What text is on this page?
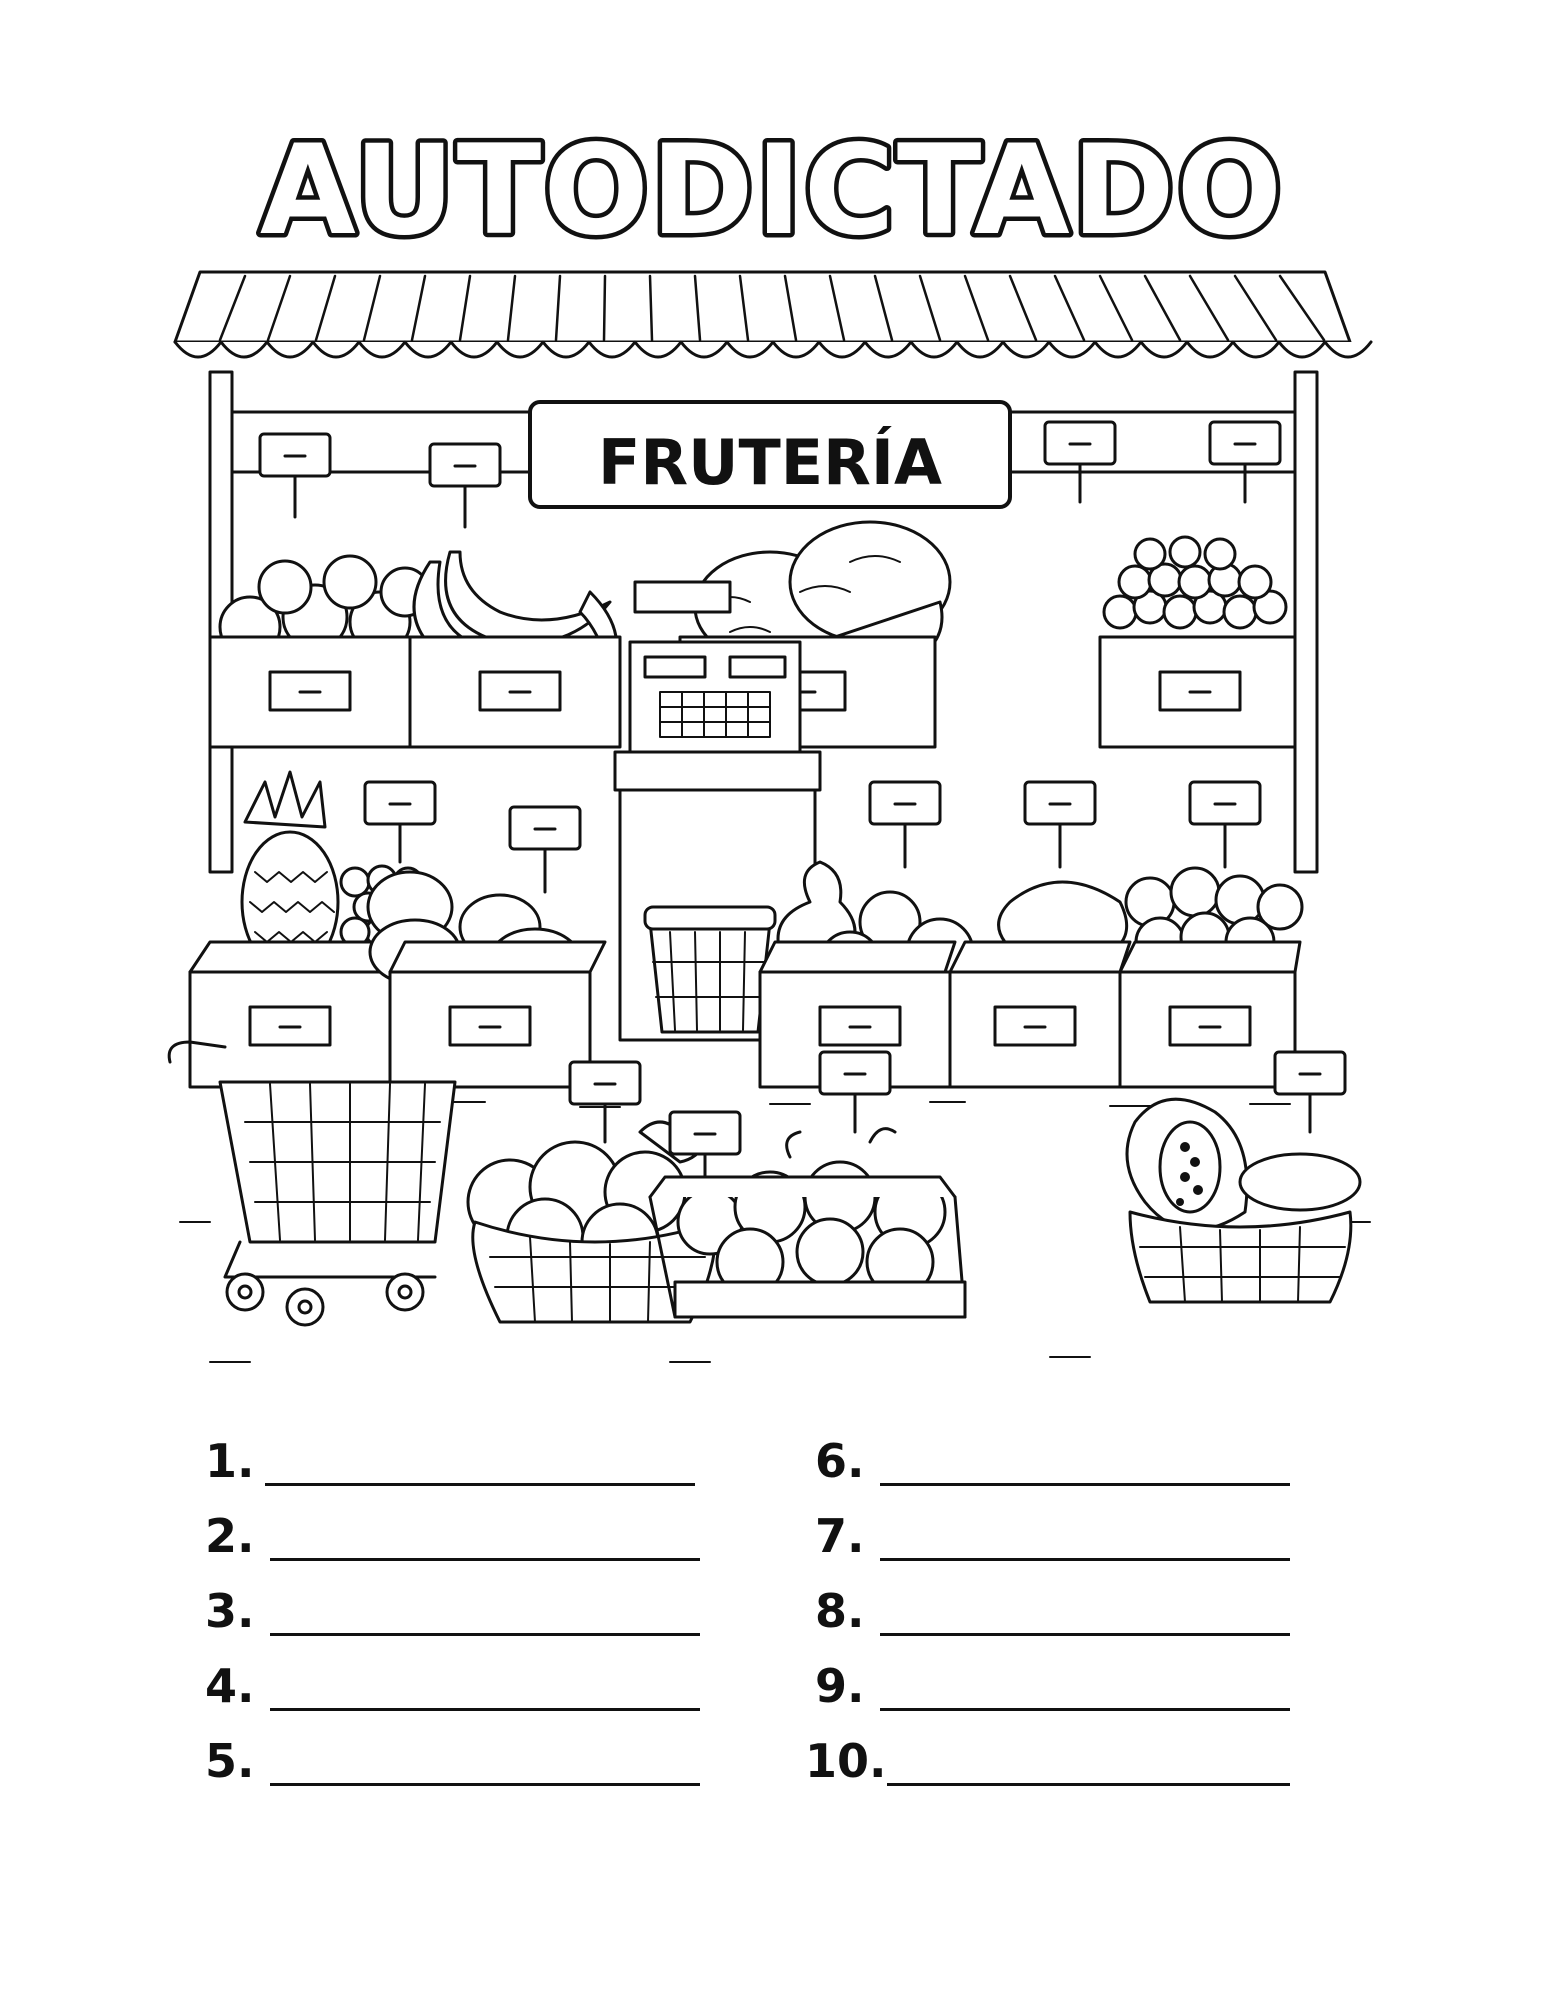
AUTODICTADO
FRUTERÍA
1.
2.
3.
4.
5.
6.
7.
8.
9.
10.
